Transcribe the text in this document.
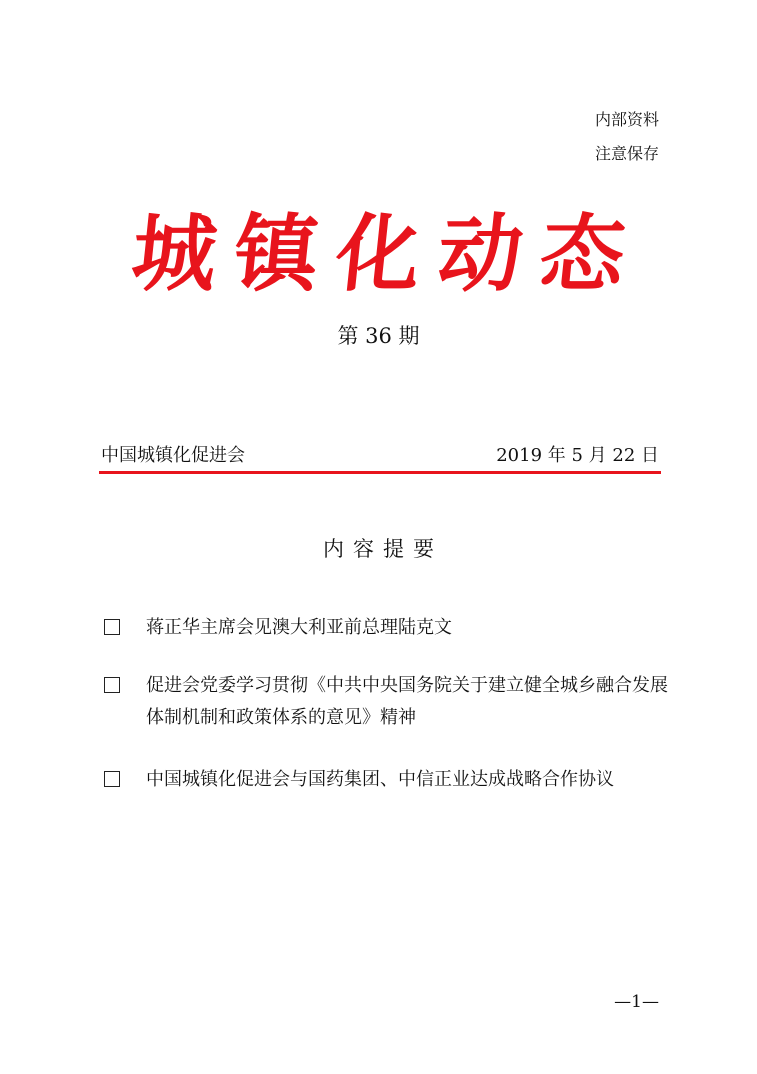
内部资料
注意保存
城镇化动态
第 36 期
中国城镇化促进会	2019 年 5 月 22 日
内容提要
蒋正华主席会见澳大利亚前总理陆克文
促进会党委学习贯彻《中共中央国务院关于建立健全城乡融合发展体制机制和政策体系的意见》精神
中国城镇化促进会与国药集团、中信正业达成战略合作协议
—1—
